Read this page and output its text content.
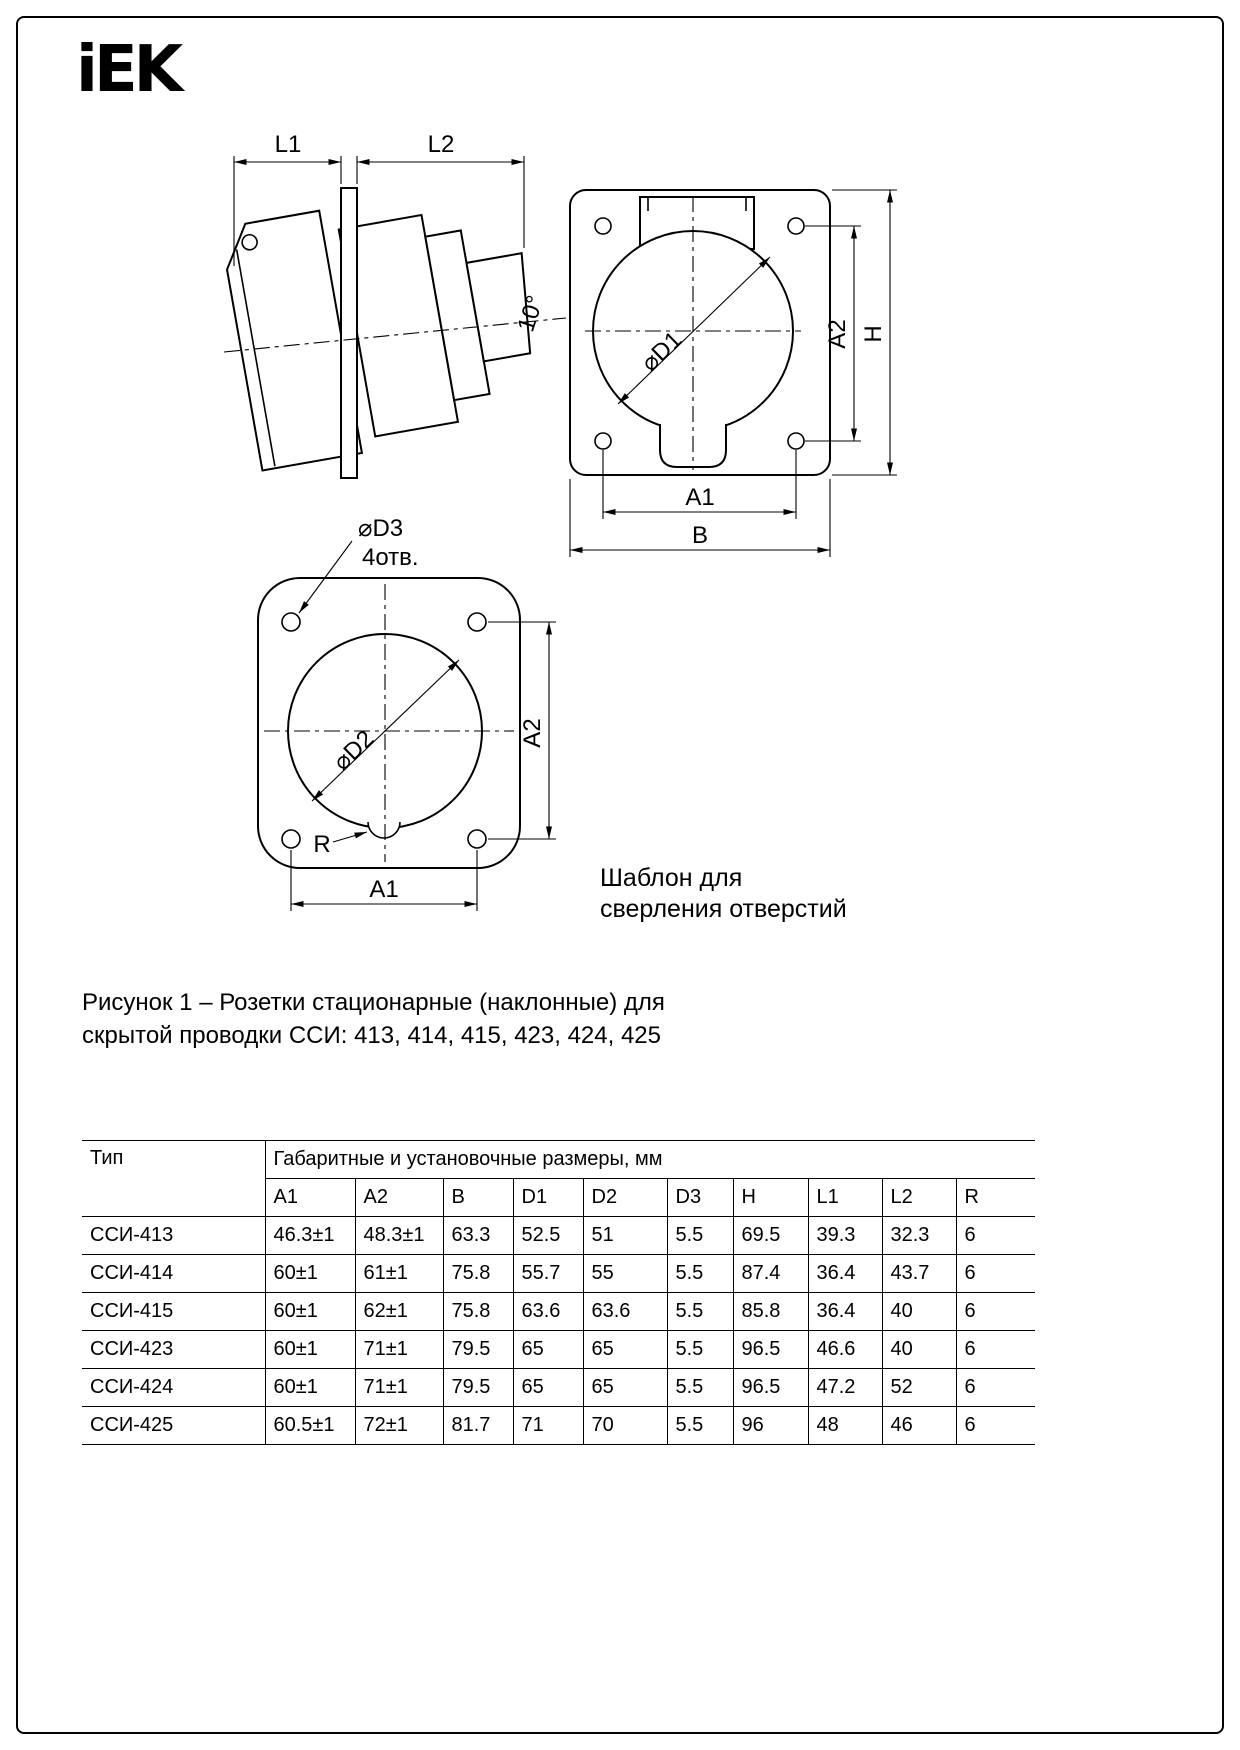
iEK
L1	L2
10°
⌀D1
A1
B
A2 H
⌀D2
⌀D3
4отв.
R
A2
A1	Шаблон для
сверления отверстий
Рисунок 1 – Розетки стационарные (наклонные) для
скрытой проводки ССИ: 413, 414, 415, 423, 424, 425
Тип	Габаритные и установочные размеры, мм									
	A1	A2	B	D1	D2	D3	H	L1	L2	R
ССИ-413	46.3±1	48.3±1	63.3	52.5	51	5.5	69.5	39.3	32.3	6
ССИ-414	60±1	61±1	75.8	55.7	55	5.5	87.4	36.4	43.7	6
ССИ-415	60±1	62±1	75.8	63.6	63.6	5.5	85.8	36.4	40	6
ССИ-423	60±1	71±1	79.5	65	65	5.5	96.5	46.6	40	6
ССИ-424	60±1	71±1	79.5	65	65	5.5	96.5	47.2	52	6
ССИ-425	60.5±1	72±1	81.7	71	70	5.5	96	48	46	6
